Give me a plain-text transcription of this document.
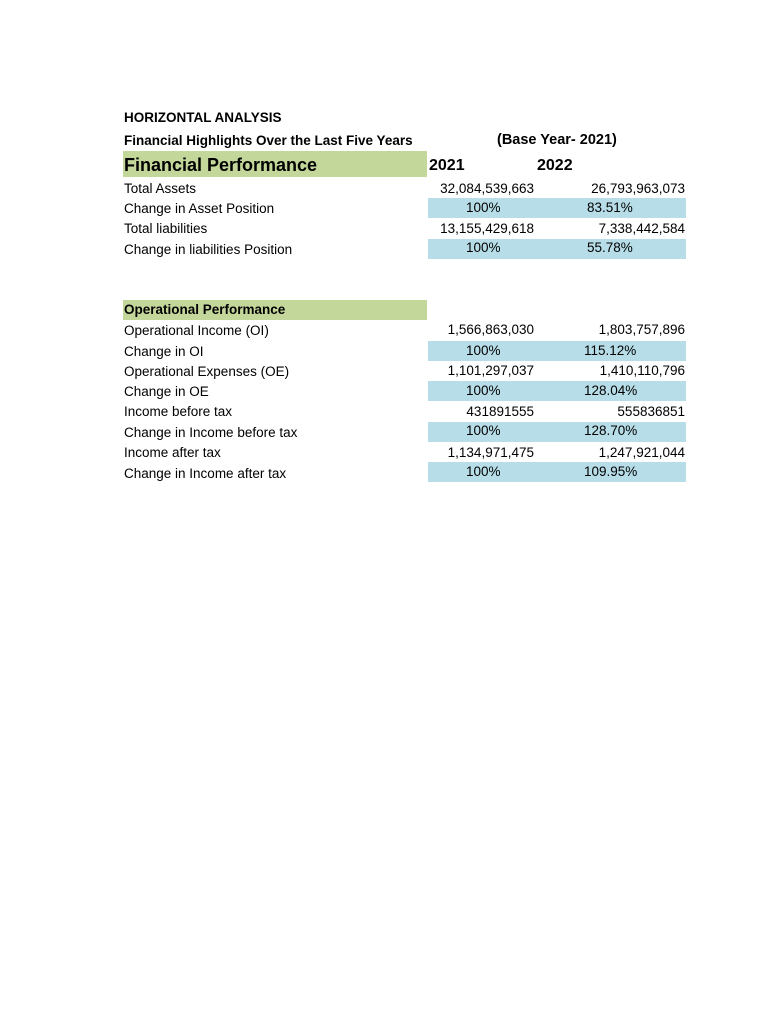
HORIZONTAL ANALYSIS
Financial Highlights Over the Last Five Years	(Base Year- 2021)
Financial Performance	2021	2022
Total Assets	32,084,539,663	26,793,963,073
Change in Asset Position	100%	83.51%
Total liabilities	13,155,429,618	7,338,442,584
Change in liabilities Position	100%	55.78%
Operational Performance
Operational Income (OI)	1,566,863,030	1,803,757,896
Change in OI	100%	115.12%
Operational Expenses (OE)	1,101,297,037	1,410,110,796
Change in OE	100%	128.04%
Income before tax	431891555	555836851
Change in Income before tax	100%	128.70%
Income after tax	1,134,971,475	1,247,921,044
Change in Income after tax	100%	109.95%
